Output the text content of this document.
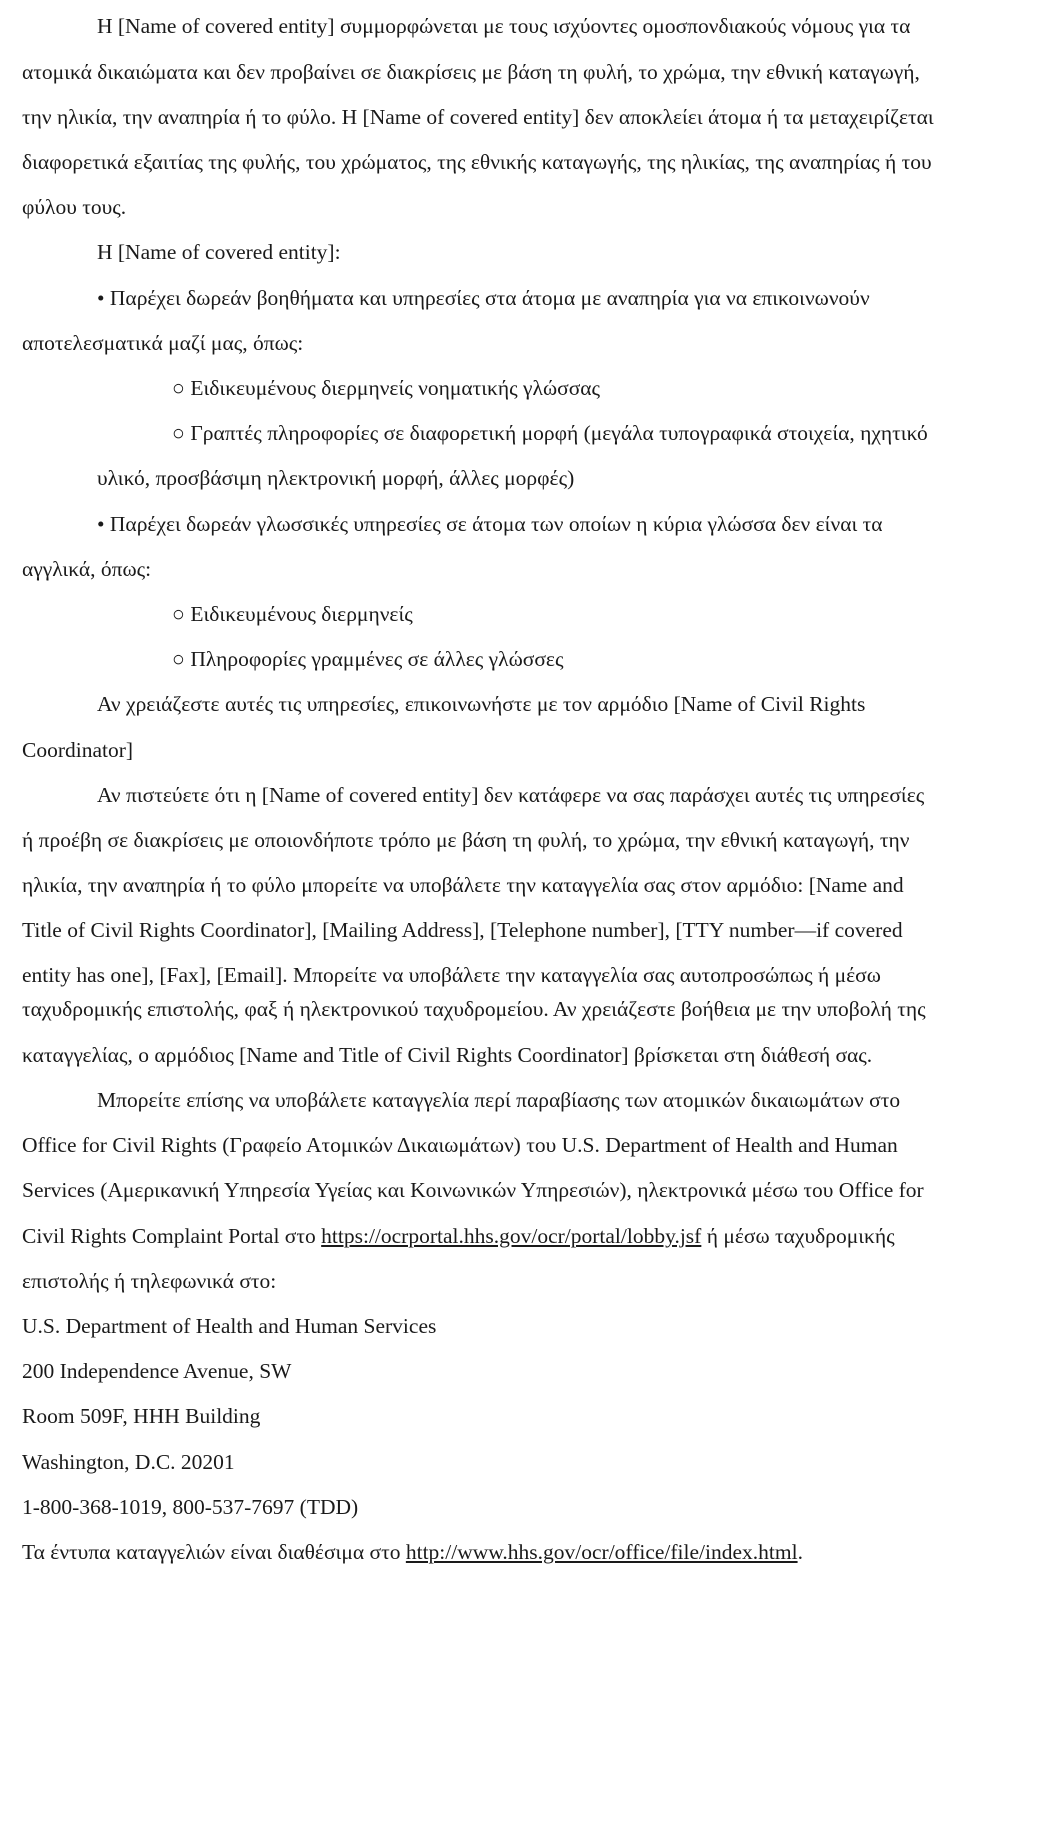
Η [Name of covered entity] συμμορφώνεται με τους ισχύοντες ομοσπονδιακούς νόμους για τα
ατομικά δικαιώματα και δεν προβαίνει σε διακρίσεις με βάση τη φυλή, το χρώμα, την εθνική καταγωγή,
την ηλικία, την αναπηρία ή το φύλο. Η [Name of covered entity] δεν αποκλείει άτομα ή τα μεταχειρίζεται
διαφορετικά εξαιτίας της φυλής, του χρώματος, της εθνικής καταγωγής, της ηλικίας, της αναπηρίας ή του
φύλου τους.
Η [Name of covered entity]:
• Παρέχει δωρεάν βοηθήματα και υπηρεσίες στα άτομα με αναπηρία για να επικοινωνούν
αποτελεσματικά μαζί μας, όπως:
○ Ειδικευμένους διερμηνείς νοηματικής γλώσσας
○ Γραπτές πληροφορίες σε διαφορετική μορφή (μεγάλα τυπογραφικά στοιχεία, ηχητικό
υλικό, προσβάσιμη ηλεκτρονική μορφή, άλλες μορφές)
• Παρέχει δωρεάν γλωσσικές υπηρεσίες σε άτομα των οποίων η κύρια γλώσσα δεν είναι τα
αγγλικά, όπως:
○ Ειδικευμένους διερμηνείς
○ Πληροφορίες γραμμένες σε άλλες γλώσσες
Αν χρειάζεστε αυτές τις υπηρεσίες, επικοινωνήστε με τον αρμόδιο [Name of Civil Rights
Coordinator]
Αν πιστεύετε ότι η [Name of covered entity] δεν κατάφερε να σας παράσχει αυτές τις υπηρεσίες
ή προέβη σε διακρίσεις με οποιονδήποτε τρόπο με βάση τη φυλή, το χρώμα, την εθνική καταγωγή, την
ηλικία, την αναπηρία ή το φύλο μπορείτε να υποβάλετε την καταγγελία σας στον αρμόδιο: [Name and
Title of Civil Rights Coordinator], [Mailing Address], [Telephone number], [TTY number—if covered
entity has one], [Fax], [Email]. Μπορείτε να υποβάλετε την καταγγελία σας αυτοπροσώπως ή μέσω
ταχυδρομικής επιστολής, φαξ ή ηλεκτρονικού ταχυδρομείου. Αν χρειάζεστε βοήθεια με την υποβολή της
καταγγελίας, ο αρμόδιος [Name and Title of Civil Rights Coordinator] βρίσκεται στη διάθεσή σας.
Μπορείτε επίσης να υποβάλετε καταγγελία περί παραβίασης των ατομικών δικαιωμάτων στο
Office for Civil Rights (Γραφείο Ατομικών Δικαιωμάτων) του U.S. Department of Health and Human
Services (Αμερικανική Υπηρεσία Υγείας και Κοινωνικών Υπηρεσιών), ηλεκτρονικά μέσω του Office for
Civil Rights Complaint Portal στο https://ocrportal.hhs.gov/ocr/portal/lobby.jsf ή μέσω ταχυδρομικής
επιστολής ή τηλεφωνικά στο:
U.S. Department of Health and Human Services
200 Independence Avenue, SW
Room 509F, HHH Building
Washington, D.C. 20201
1-800-368-1019, 800-537-7697 (TDD)
Τα έντυπα καταγγελιών είναι διαθέσιμα στο http://www.hhs.gov/ocr/office/file/index.html.
